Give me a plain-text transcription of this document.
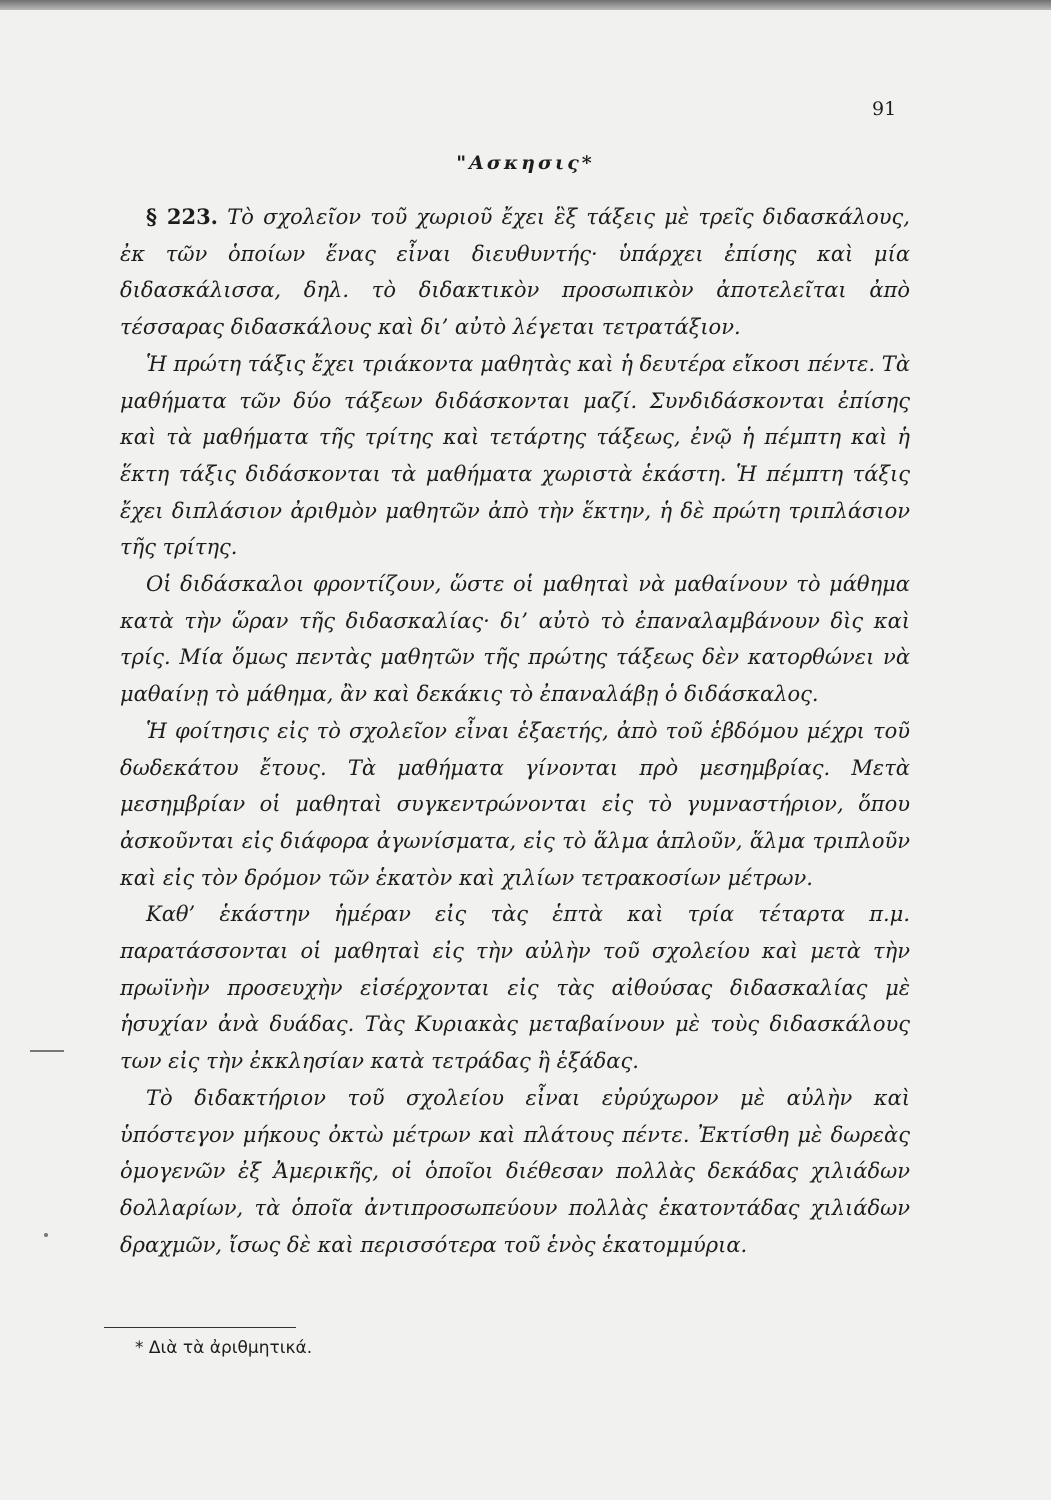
91
"Ασκησις*

§ 223. Τὸ σχολεῖον τοῦ χωριοῦ ἔχει ἓξ τάξεις μὲ τρεῖς διδασκάλους, ἐκ τῶν ὁποίων ἕνας εἶναι διευθυντής· ὑπάρχει ἐπίσης καὶ μία διδασκάλισσα, δηλ. τὸ διδακτικὸν προσωπικὸν ἀποτελεῖται ἀπὸ τέσσαρας διδασκάλους καὶ δι’ αὐτὸ λέγεται τετρατάξιον.

Ἡ πρώτη τάξις ἔχει τριάκοντα μαθητὰς καὶ ἡ δευτέρα εἴκοσι πέντε. Τὰ μαθήματα τῶν δύο τάξεων διδάσκονται μαζί. Συνδιδάσκονται ἐπίσης καὶ τὰ μαθήματα τῆς τρίτης καὶ τετάρτης τάξεως, ἐνῷ ἡ πέμπτη καὶ ἡ ἕκτη τάξις διδάσκονται τὰ μαθήματα χωριστὰ ἑκάστη. Ἡ πέμπτη τάξις ἔχει διπλάσιον ἀριθμὸν μαθητῶν ἀπὸ τὴν ἕκτην, ἡ δὲ πρώτη τριπλάσιον τῆς τρίτης.

Οἱ διδάσκαλοι φροντίζουν, ὥστε οἱ μαθηταὶ νὰ μαθαίνουν τὸ μάθημα κατὰ τὴν ὥραν τῆς διδασκαλίας· δι’ αὐτὸ τὸ ἐπαναλαμβάνουν δὶς καὶ τρίς. Μία ὅμως πεντὰς μαθητῶν τῆς πρώτης τάξεως δὲν κατορθώνει νὰ μαθαίνῃ τὸ μάθημα, ἂν καὶ δεκάκις τὸ ἐπαναλάβῃ ὁ διδάσκαλος.

Ἡ φοίτησις εἰς τὸ σχολεῖον εἶναι ἑξαετής, ἀπὸ τοῦ ἑβδόμου μέχρι τοῦ δωδεκάτου ἔτους. Τὰ μαθήματα γίνονται πρὸ μεσημβρίας. Μετὰ μεσημβρίαν οἱ μαθηταὶ συγκεντρώνονται εἰς τὸ γυμναστήριον, ὅπου ἀσκοῦνται εἰς διάφορα ἀγωνίσματα, εἰς τὸ ἅλμα ἁπλοῦν, ἅλμα τριπλοῦν καὶ εἰς τὸν δρόμον τῶν ἑκατὸν καὶ χιλίων τετρακοσίων μέτρων.

Καθ’ ἑκάστην ἡμέραν εἰς τὰς ἑπτὰ καὶ τρία τέταρτα π.μ. παρατάσσονται οἱ μαθηταὶ εἰς τὴν αὐλὴν τοῦ σχολείου καὶ μετὰ τὴν πρωϊνὴν προσευχὴν εἰσέρχονται εἰς τὰς αἰθούσας διδασκαλίας μὲ ἡσυχίαν ἀνὰ δυάδας. Τὰς Κυριακὰς μεταβαίνουν μὲ τοὺς διδασκάλους των εἰς τὴν ἐκκλησίαν κατὰ τετράδας ἢ ἑξάδας.

Τὸ διδακτήριον τοῦ σχολείου εἶναι εὐρύχωρον μὲ αὐλὴν καὶ ὑπόστεγον μήκους ὀκτὼ μέτρων καὶ πλάτους πέντε. Ἐκτίσθη μὲ δωρεὰς ὁμογενῶν ἐξ Ἀμερικῆς, οἱ ὁποῖοι διέθεσαν πολλὰς δεκάδας χιλιάδων δολλαρίων, τὰ ὁποῖα ἀντιπροσωπεύουν πολλὰς ἑκατοντάδας χιλιάδων δραχμῶν, ἴσως δὲ καὶ περισσότερα τοῦ ἑνὸς ἑκατομμύρια.

* Διὰ τὰ ἀριθμητικά.
